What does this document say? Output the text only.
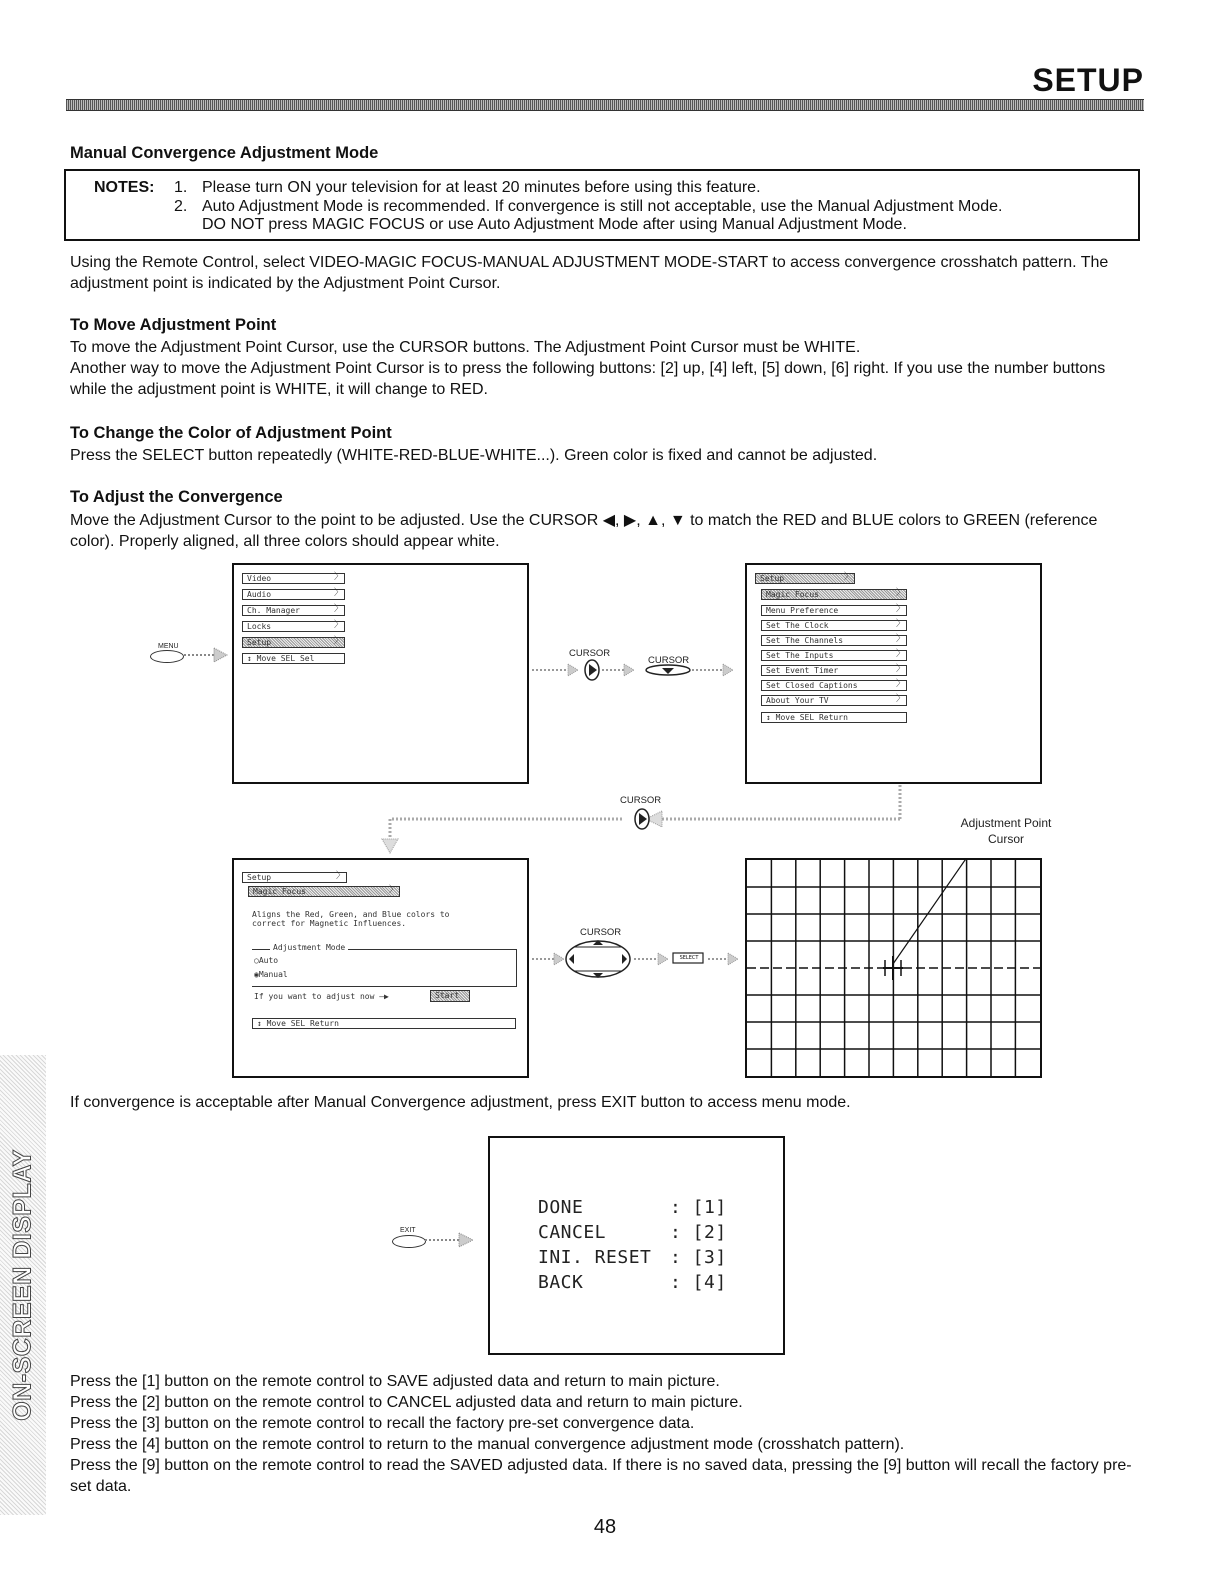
SETUP
ON-SCREEN DISPLAY
Manual Convergence Adjustment Mode
NOTES: 1. Please turn ON your television for at least 20 minutes before using this feature.
2. Auto Adjustment Mode is recommended. If convergence is still not acceptable, use the Manual Adjustment Mode.
DO NOT press MAGIC FOCUS or use Auto Adjustment Mode after using Manual Adjustment Mode.
Using the Remote Control, select VIDEO-MAGIC FOCUS-MANUAL ADJUSTMENT MODE-START to access convergence crosshatch pattern. The adjustment point is indicated by the Adjustment Point Cursor.
To Move Adjustment Point
To move the Adjustment Point Cursor, use the CURSOR buttons. The Adjustment Point Cursor must be WHITE.
Another way to move the Adjustment Point Cursor is to press the following buttons: [2] up, [4] left, [5] down, [6] right. If you use the number buttons while the adjustment point is WHITE, it will change to RED.
To Change the Color of Adjustment Point
Press the SELECT button repeatedly (WHITE-RED-BLUE-WHITE...). Green color is fixed and cannot be adjusted.
To Adjust the Convergence
Move the Adjustment Cursor to the point to be adjusted. Use the CURSOR ◀, ▶, ▲, ▼ to match the RED and BLUE colors to GREEN (reference color). Properly aligned, all three colors should appear white.
MENU
Video	〉
Audio	〉
Ch. Manager	〉
Locks	〉
Setup	〉
↕ Move SEL Sel	CURSOR
CURSOR
Setup	〉
Magic Focus	〉
Menu Preference	〉
Set The Clock	〉
Set The Channels	〉
Set The Inputs	〉
Set Event Timer	〉
Set Closed Captions	〉
About Your TV	〉
↕ Move SEL Return
CURSOR
Adjustment Point Cursor
Setup	〉
Magic Focus	〉
Aligns the Red, Green, and Blue colors to correct for Magnetic Influences.
Adjustment Mode
○Auto
◉Manual
If you want to adjust now —▶	Start
↕ Move SEL Return
CURSOR
SELECT
If convergence is acceptable after Manual Convergence adjustment, press EXIT button to access menu mode.
EXIT
DONE	: [1]
CANCEL	: [2]
INI. RESET : [3]
BACK	: [4]
Press the [1] button on the remote control to SAVE adjusted data and return to main picture.
Press the [2] button on the remote control to CANCEL adjusted data and return to main picture.
Press the [3] button on the remote control to recall the factory pre-set convergence data.
Press the [4] button on the remote control to return to the manual convergence adjustment mode (crosshatch pattern).
Press the [9] button on the remote control to read the SAVED adjusted data. If there is no saved data, pressing the [9] button will recall the factory pre-set data.
48
